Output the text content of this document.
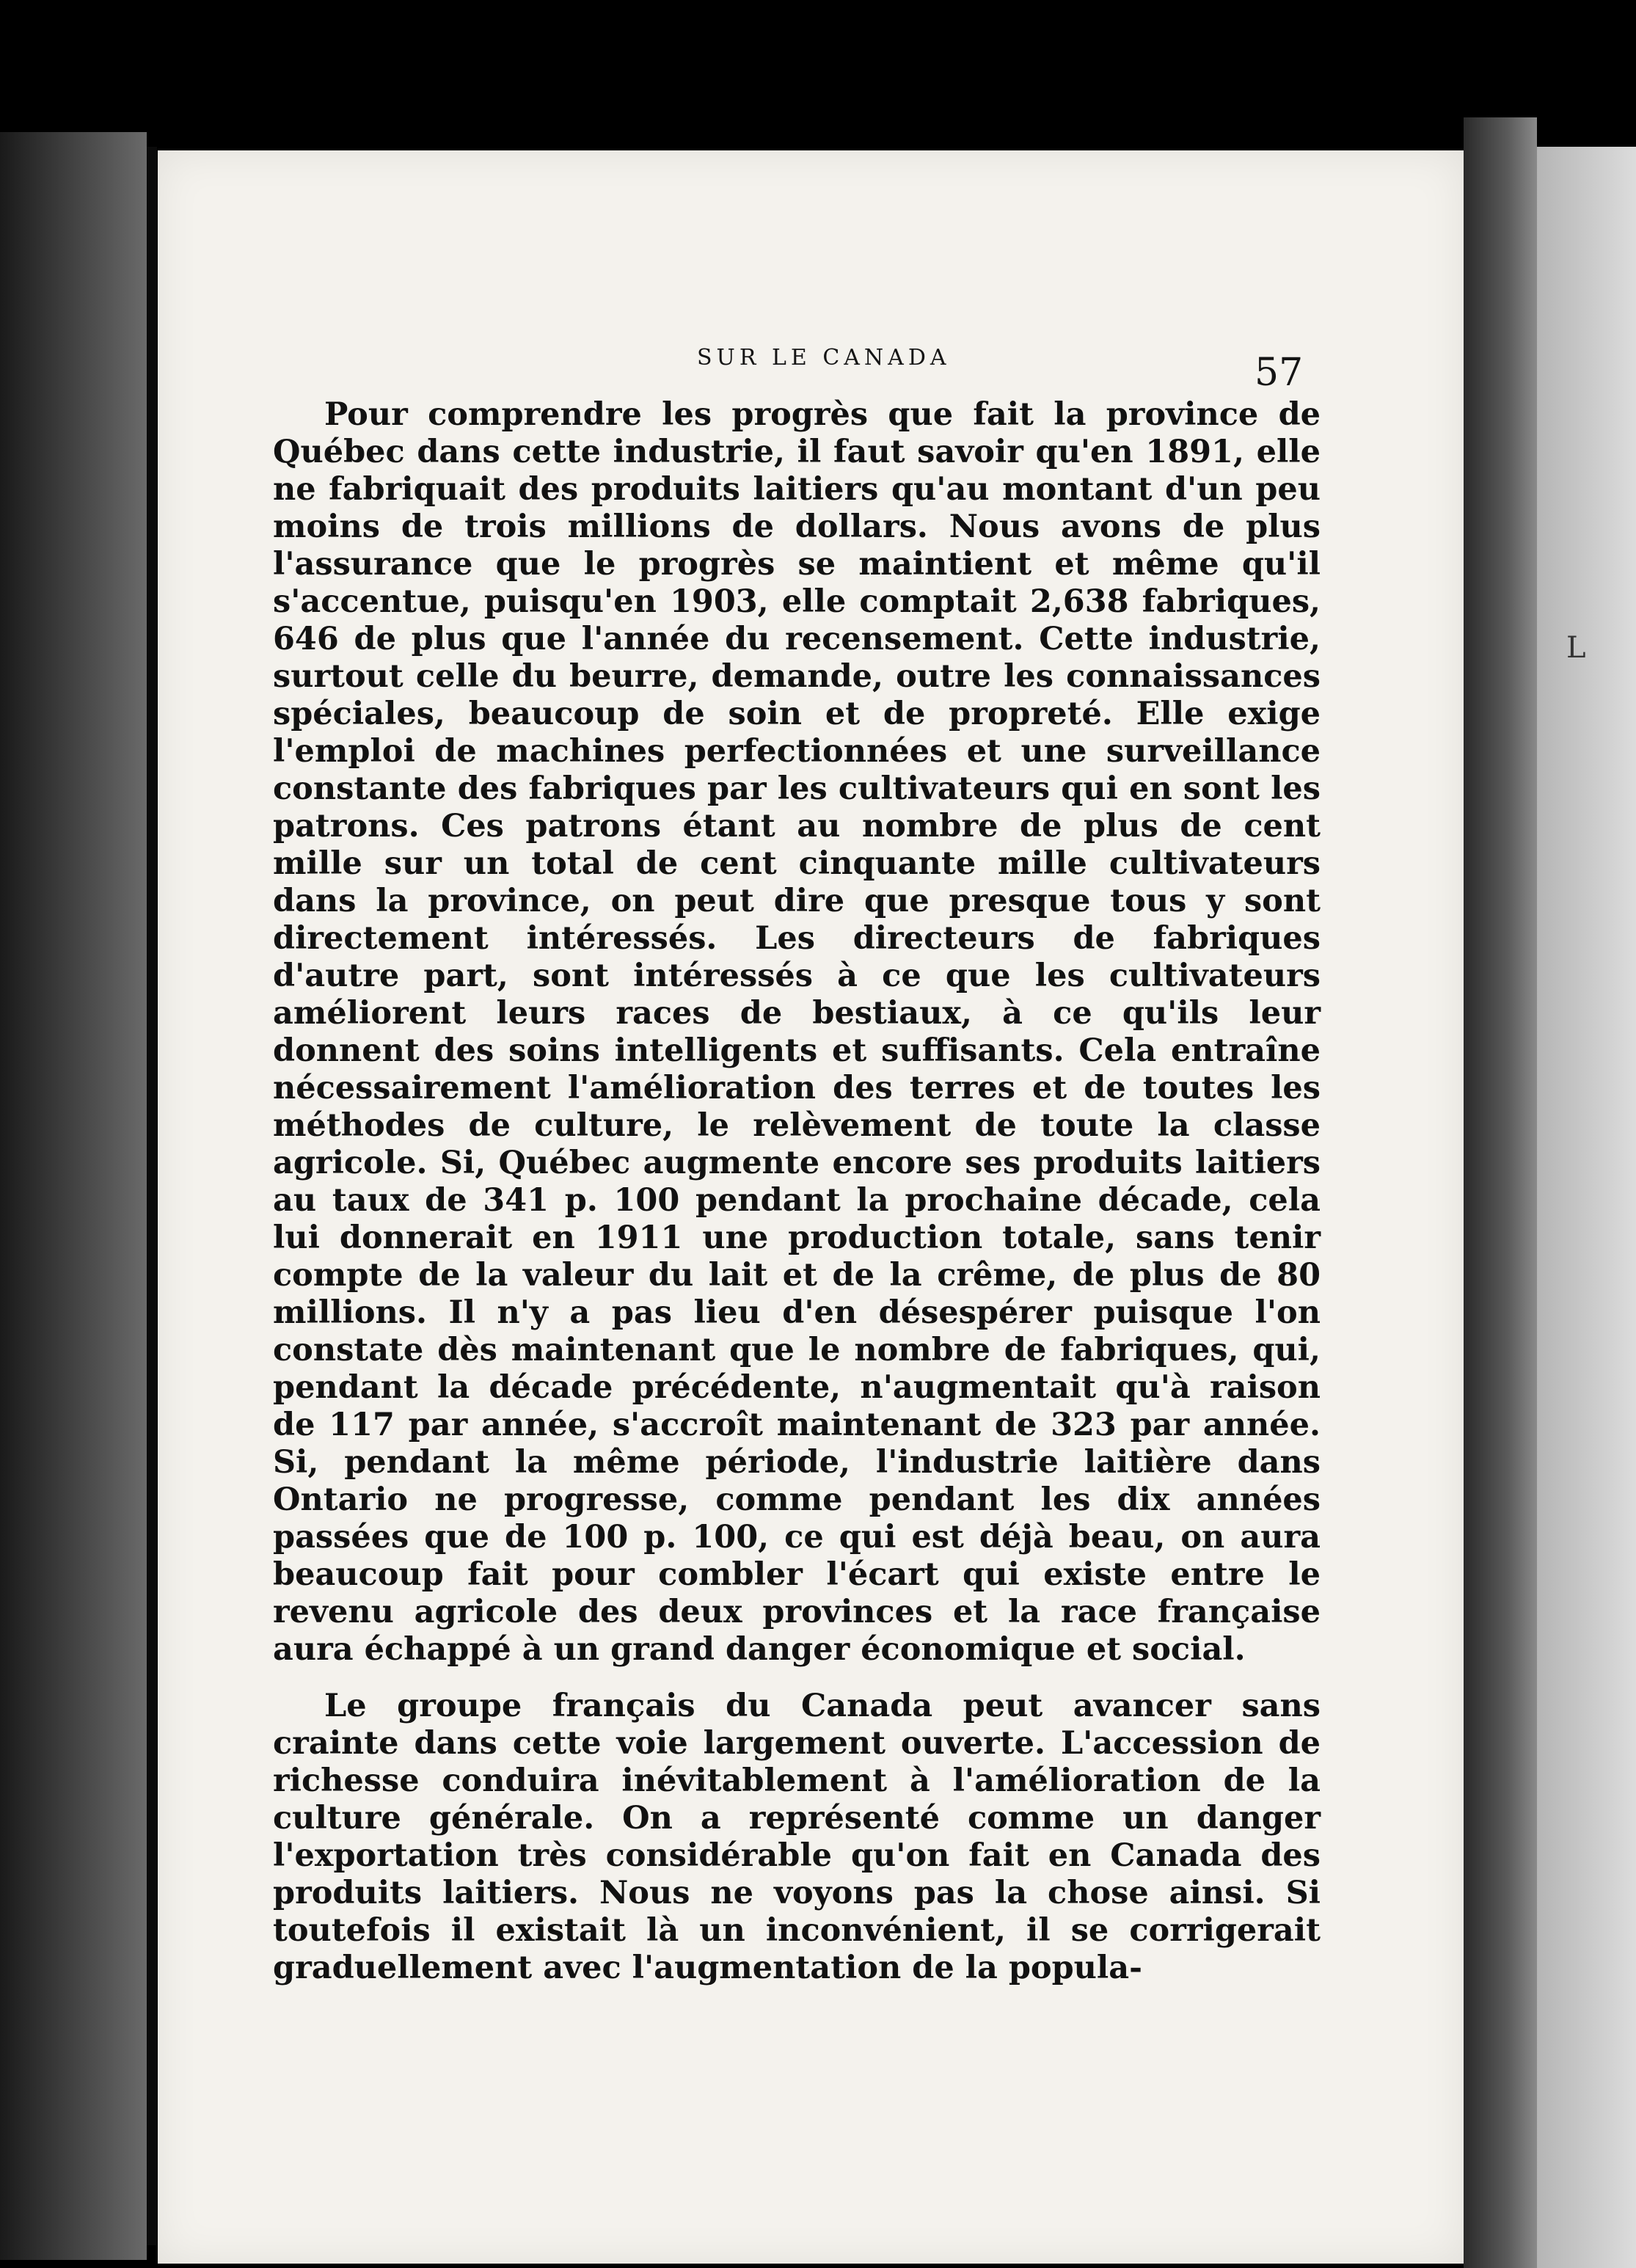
L
SUR LE CANADA	57

Pour comprendre les progrès que fait la province de Québec dans cette industrie, il faut savoir qu'en 1891, elle ne fabriquait des produits laitiers qu'au montant d'un peu moins de trois millions de dollars. Nous avons de plus l'assurance que le progrès se maintient et même qu'il s'accentue, puisqu'en 1903, elle comptait 2,638 fabriques, 646 de plus que l'année du recensement. Cette industrie, surtout celle du beurre, demande, outre les connaissances spéciales, beaucoup de soin et de propreté. Elle exige l'emploi de machines perfectionnées et une surveillance constante des fabriques par les cultivateurs qui en sont les patrons. Ces patrons étant au nombre de plus de cent mille sur un total de cent cinquante mille cultivateurs dans la province, on peut dire que presque tous y sont directement intéressés. Les directeurs de fabriques d'autre part, sont intéressés à ce que les cultivateurs améliorent leurs races de bestiaux, à ce qu'ils leur donnent des soins intelligents et suffisants. Cela entraîne nécessairement l'amélioration des terres et de toutes les méthodes de culture, le relèvement de toute la classe agricole. Si, Québec augmente encore ses produits laitiers au taux de 341 p. 100 pendant la prochaine décade, cela lui donnerait en 1911 une production totale, sans tenir compte de la valeur du lait et de la crême, de plus de 80 millions. Il n'y a pas lieu d'en désespérer puisque l'on constate dès maintenant que le nombre de fabriques, qui, pendant la décade précédente, n'augmentait qu'à raison de 117 par année, s'accroît maintenant de 323 par année. Si, pendant la même période, l'industrie laitière dans Ontario ne progresse, comme pendant les dix années passées que de 100 p. 100, ce qui est déjà beau, on aura beaucoup fait pour combler l'écart qui existe entre le revenu agricole des deux provinces et la race française aura échappé à un grand danger économique et social.

Le groupe français du Canada peut avancer sans crainte dans cette voie largement ouverte. L'accession de richesse conduira inévitablement à l'amélioration de la culture générale. On a représenté comme un danger l'exportation très considérable qu'on fait en Canada des produits laitiers. Nous ne voyons pas la chose ainsi. Si toutefois il existait là un inconvénient, il se corrigerait graduellement avec l'augmentation de la popula-
